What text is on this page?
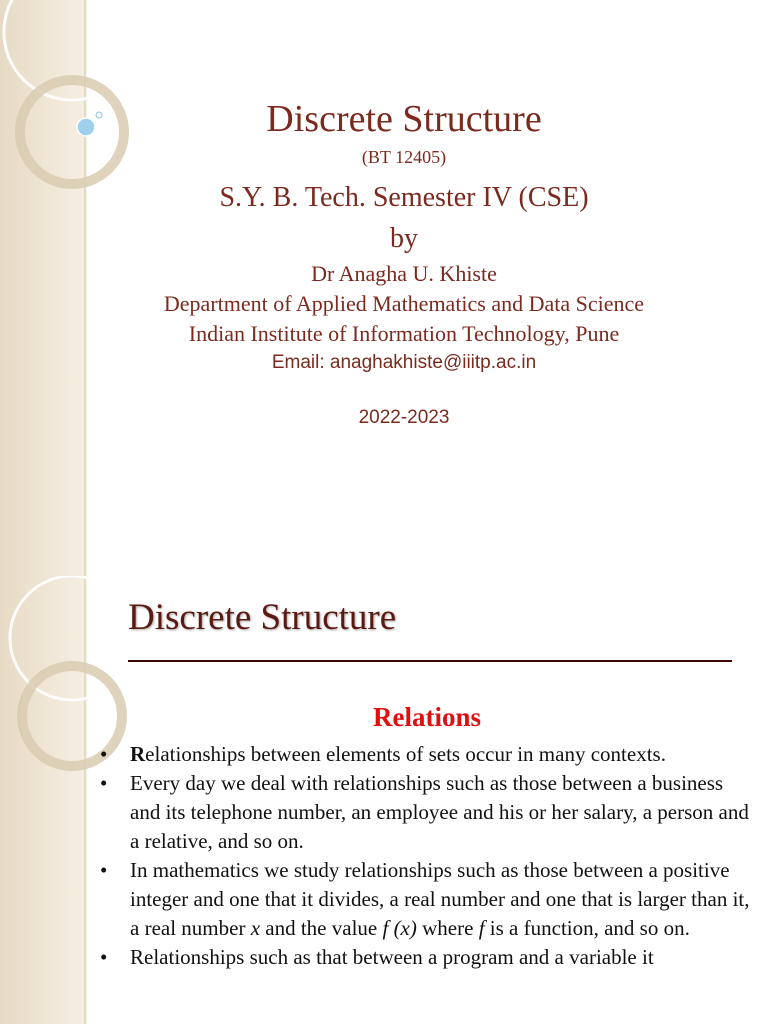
Discrete Structure
(BT 12405)
S.Y. B. Tech. Semester IV (CSE)
by
Dr Anagha U. Khiste
Department of Applied Mathematics and Data Science
Indian Institute of Information Technology, Pune
Email: anaghakhiste@iiitp.ac.in
2022-2023
Discrete Structure
Relations
• Relationships between elements of sets occur in many contexts.
• Every day we deal with relationships such as those between a business and its telephone number, an employee and his or her salary, a person and a relative, and so on.
• In mathematics we study relationships such as those between a positive integer and one that it divides, a real number and one that is larger than it, a real number x and the value f (x) where f is a function, and so on.
• Relationships such as that between a program and a variable it
